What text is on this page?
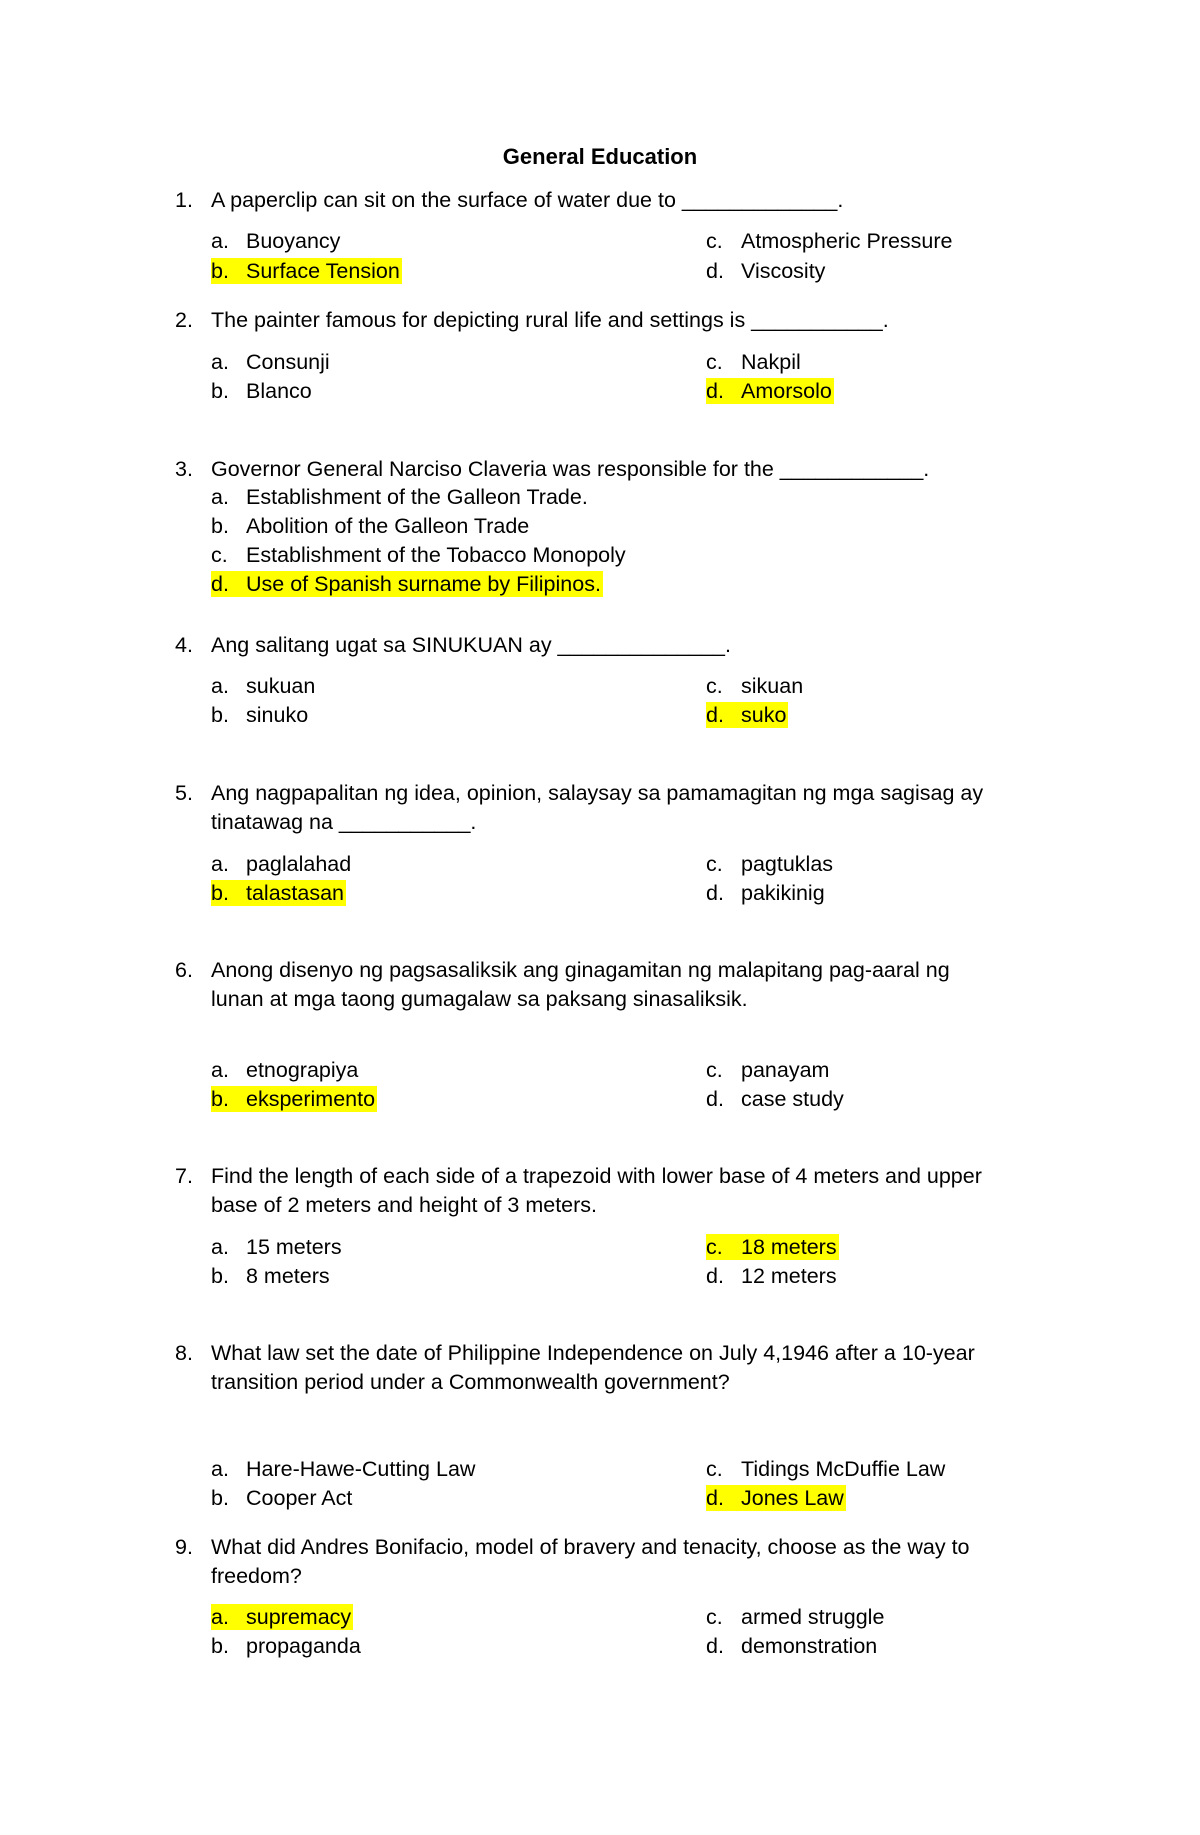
General Education
1. A paperclip can sit on the surface of water due to _____________.
a. Buoyancy
b. Surface Tension
c. Atmospheric Pressure
d. Viscosity
2. The painter famous for depicting rural life and settings is ___________.
a. Consunji
b. Blanco
c. Nakpil
d. Amorsolo
3. Governor General Narciso Claveria was responsible for the ____________.
a. Establishment of the Galleon Trade.
b. Abolition of the Galleon Trade
c. Establishment of the Tobacco Monopoly
d. Use of Spanish surname by Filipinos.
4. Ang salitang ugat sa SINUKUAN ay ______________.
a. sukuan
b. sinuko
c. sikuan
d. suko
5. Ang nagpapalitan ng idea, opinion, salaysay sa pamamagitan ng mga sagisag ay
tinatawag na ___________.
a. paglalahad
b. talastasan
c. pagtuklas
d. pakikinig
6. Anong disenyo ng pagsasaliksik ang ginagamitan ng malapitang pag-aaral ng
lunan at mga taong gumagalaw sa paksang sinasaliksik.
a. etnograpiya
b. eksperimento
c. panayam
d. case study
7. Find the length of each side of a trapezoid with lower base of 4 meters and upper
base of 2 meters and height of 3 meters.
a. 15 meters
b. 8 meters
c. 18 meters
d. 12 meters
8. What law set the date of Philippine Independence on July 4,1946 after a 10-year
transition period under a Commonwealth government?
a. Hare-Hawe-Cutting Law
b. Cooper Act
c. Tidings McDuffie Law
d. Jones Law
9. What did Andres Bonifacio, model of bravery and tenacity, choose as the way to
freedom?
a. supremacy
b. propaganda
c. armed struggle
d. demonstration
